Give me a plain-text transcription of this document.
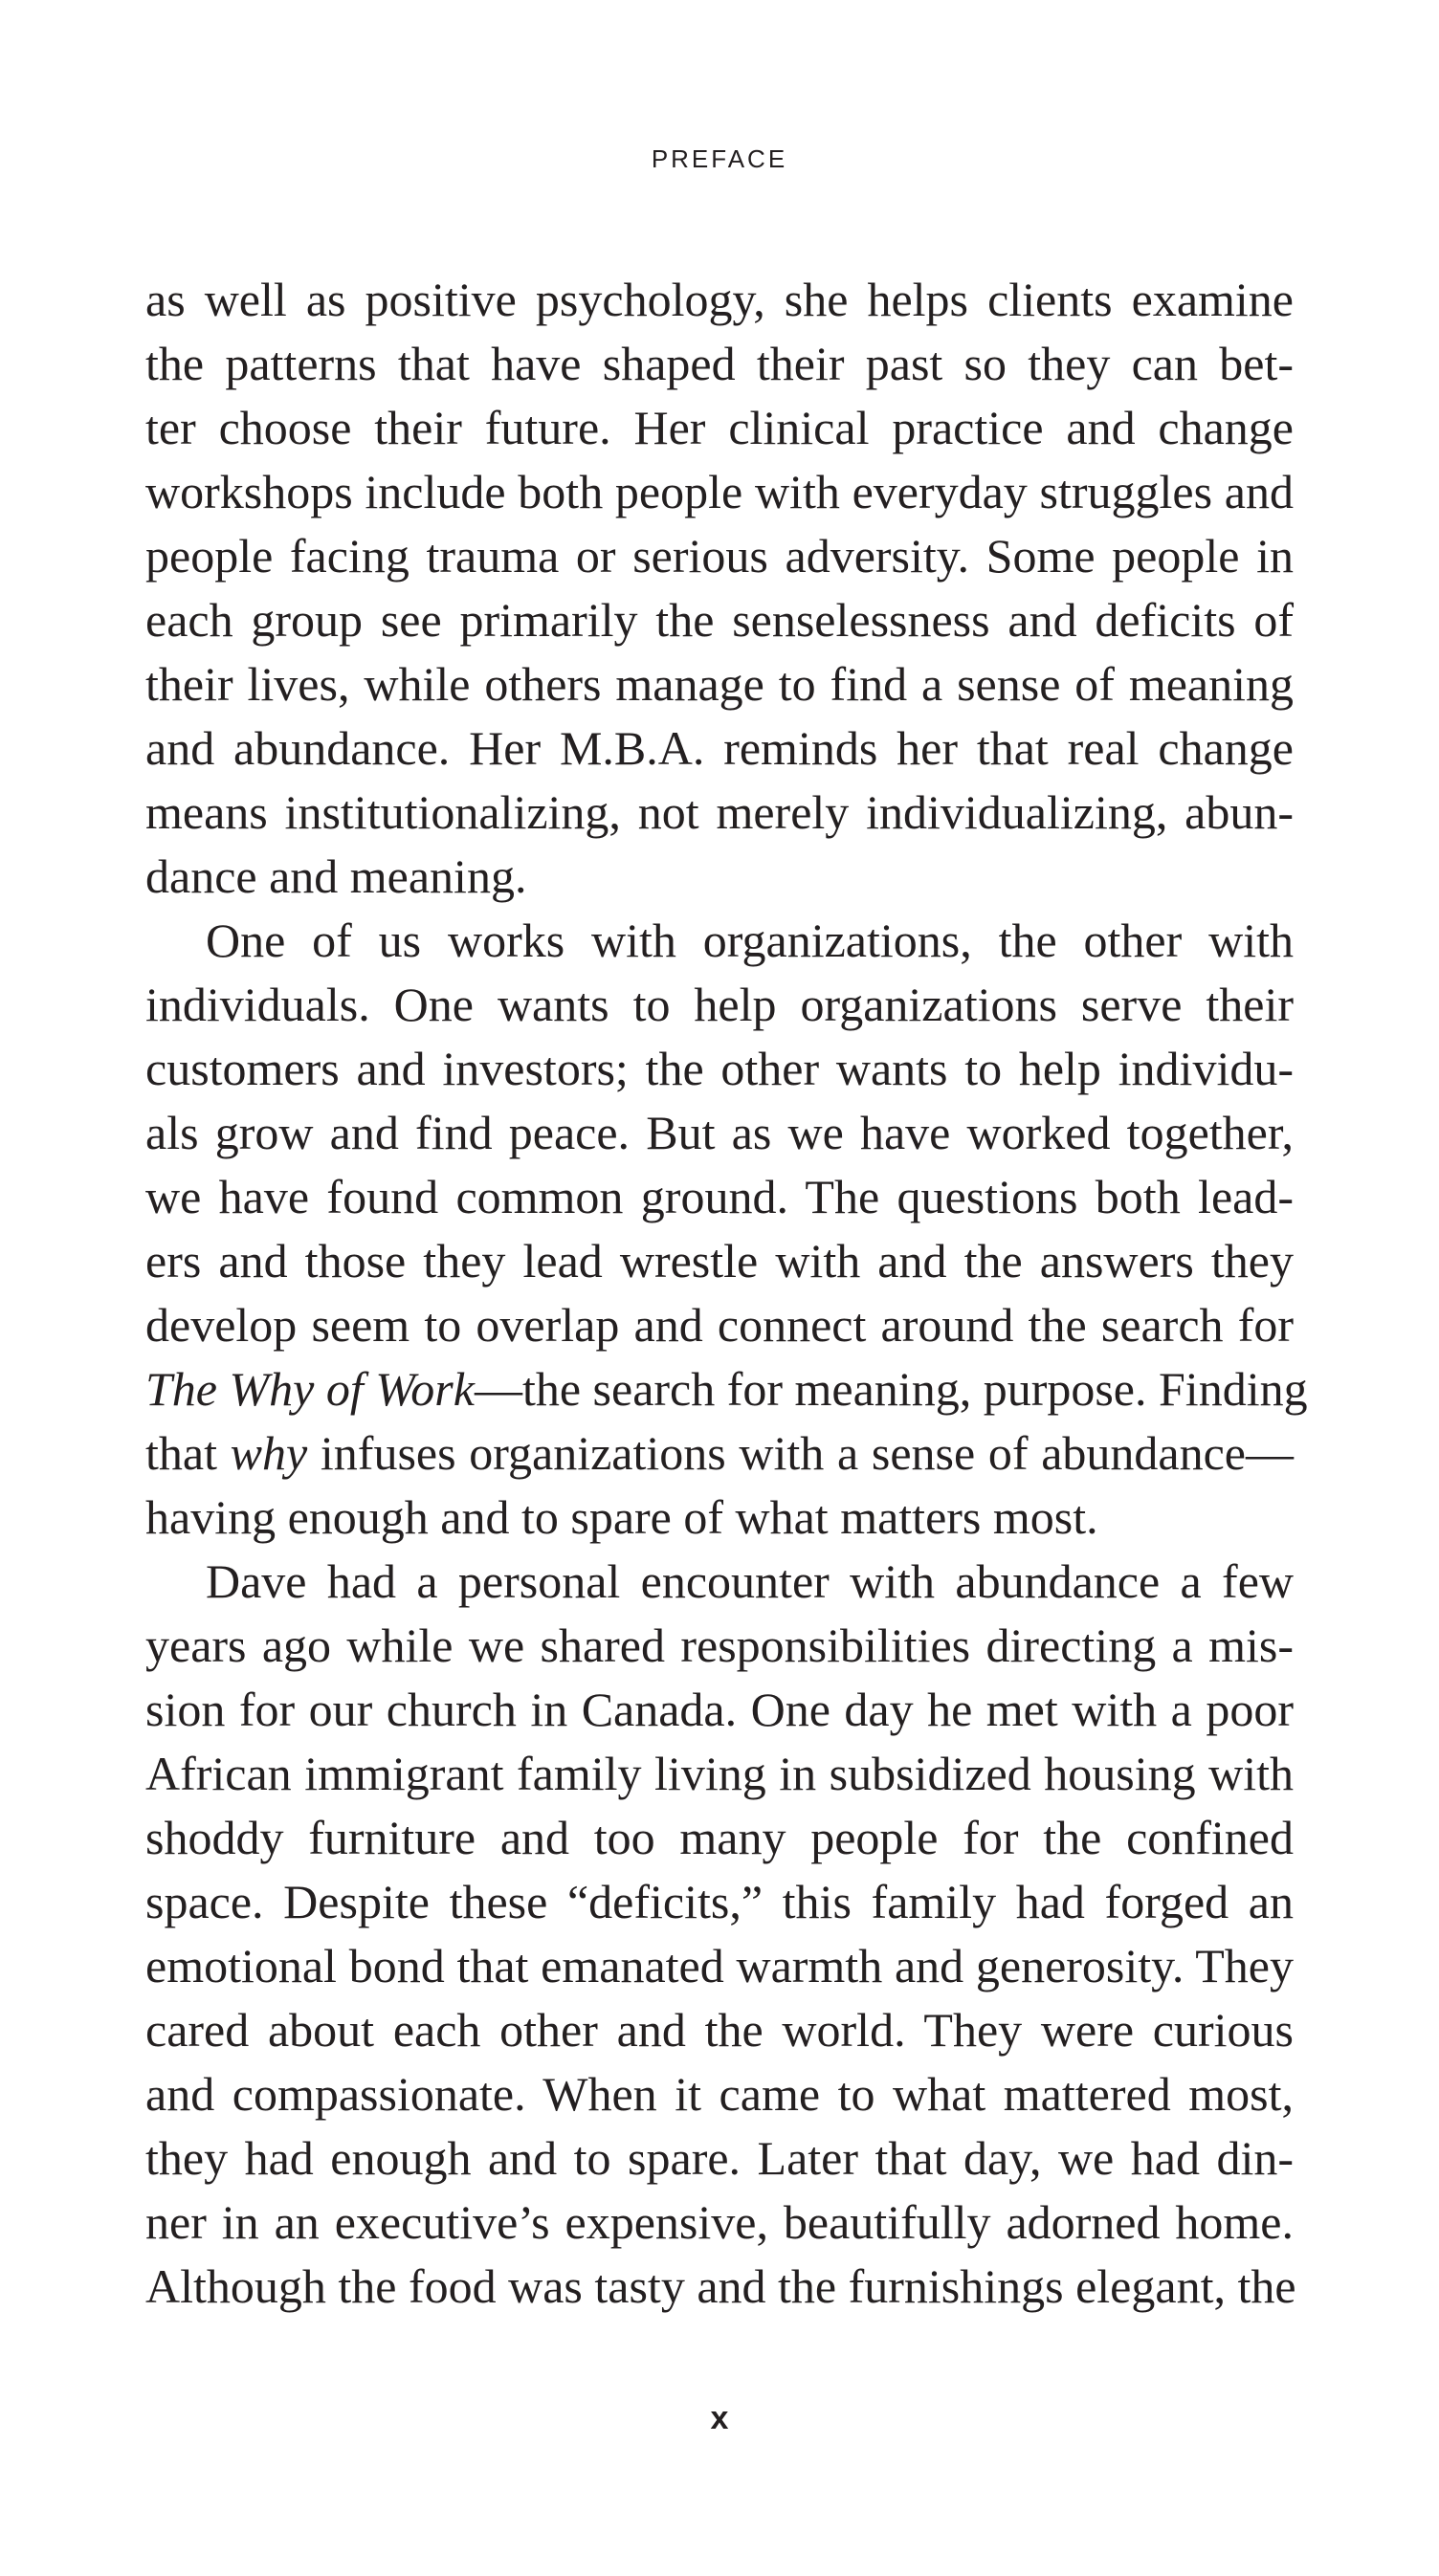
PREFACE
as well as positive psychology, she helps clients examine
the patterns that have shaped their past so they can bet-
ter choose their future. Her clinical practice and change
workshops include both people with everyday struggles and
people facing trauma or serious adversity. Some people in
each group see primarily the senselessness and deficits of
their lives, while others manage to find a sense of meaning
and abundance. Her M.B.A. reminds her that real change
means institutionalizing, not merely individualizing, abun-
dance and meaning.
One of us works with organizations, the other with
individuals. One wants to help organizations serve their
customers and investors; the other wants to help individu-
als grow and find peace. But as we have worked together,
we have found common ground. The questions both lead-
ers and those they lead wrestle with and the answers they
develop seem to overlap and connect around the search for
The Why of Work—the search for meaning, purpose. Finding
that why infuses organizations with a sense of abundance—
having enough and to spare of what matters most.
Dave had a personal encounter with abundance a few
years ago while we shared responsibilities directing a mis-
sion for our church in Canada. One day he met with a poor
African immigrant family living in subsidized housing with
shoddy furniture and too many people for the confined
space. Despite these “deficits,” this family had forged an
emotional bond that emanated warmth and generosity. They
cared about each other and the world. They were curious
and compassionate. When it came to what mattered most,
they had enough and to spare. Later that day, we had din-
ner in an executive’s expensive, beautifully adorned home.
Although the food was tasty and the furnishings elegant, the
x
